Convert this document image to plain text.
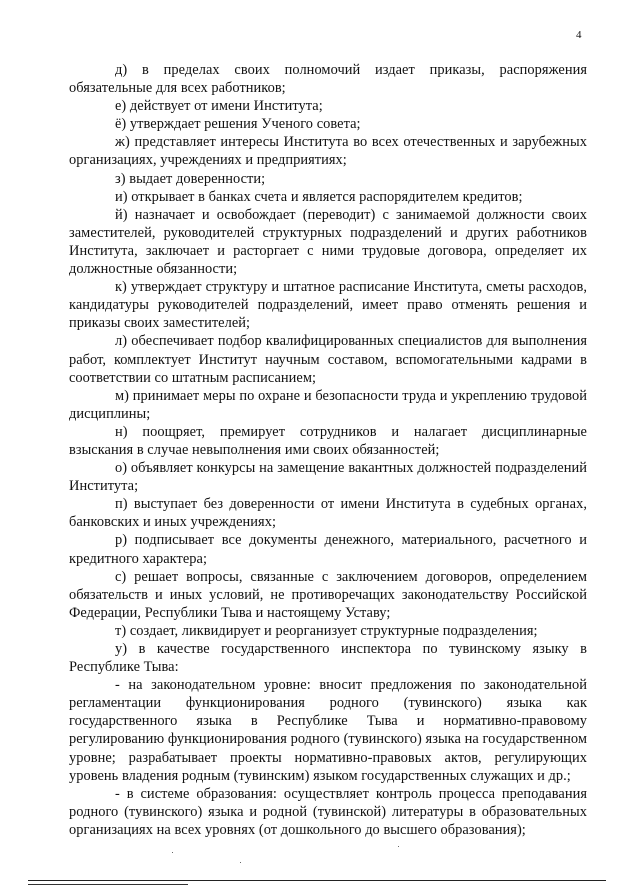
4

д) в пределах своих полномочий издает приказы, распоряжения обязательные для всех работников;

е) действует от имени Института;

ё) утверждает решения Ученого совета;

ж) представляет интересы Института во всех отечественных и зарубежных организациях, учреждениях и предприятиях;

з) выдает доверенности;

и) открывает в банках счета и является распорядителем кредитов;

й) назначает и освобождает (переводит) с занимаемой должности своих заместителей, руководителей структурных подразделений и других работников Института, заключает и расторгает с ними трудовые договора, определяет их должностные обязанности;

к) утверждает структуру и штатное расписание Института, сметы расходов, кандидатуры руководителей подразделений, имеет право отменять решения и приказы своих заместителей;

л) обеспечивает подбор квалифицированных специалистов для выполнения работ, комплектует Институт научным составом, вспомогательными кадрами в соответствии со штатным расписанием;

м) принимает меры по охране и безопасности труда и укреплению трудовой дисциплины;

н) поощряет, премирует сотрудников и налагает дисциплинарные взыскания в случае невыполнения ими своих обязанностей;

о) объявляет конкурсы на замещение вакантных должностей подразделений Института;

п) выступает без доверенности от имени Института в судебных органах, банковских и иных учреждениях;

р) подписывает все документы денежного, материального, расчетного и кредитного характера;

с) решает вопросы, связанные с заключением договоров, определением обязательств и иных условий, не противоречащих законодательству Российской Федерации, Республики Тыва и настоящему Уставу;

т) создает, ликвидирует и реорганизует структурные подразделения;

у) в качестве государственного инспектора по тувинскому языку в Республике Тыва:

- на законодательном уровне: вносит предложения по законодательной регламентации функционирования родного (тувинского) языка как государственного языка в Республике Тыва и нормативно-правовому регулированию функционирования родного (тувинского) языка на государственном уровне; разрабатывает проекты нормативно-правовых актов, регулирующих уровень владения родным (тувинским) языком государственных служащих и др.;

- в системе образования: осуществляет контроль процесса преподавания родного (тувинского) языка и родной (тувинской) литературы в образовательных организациях на всех уровнях (от дошкольного до высшего образования);
